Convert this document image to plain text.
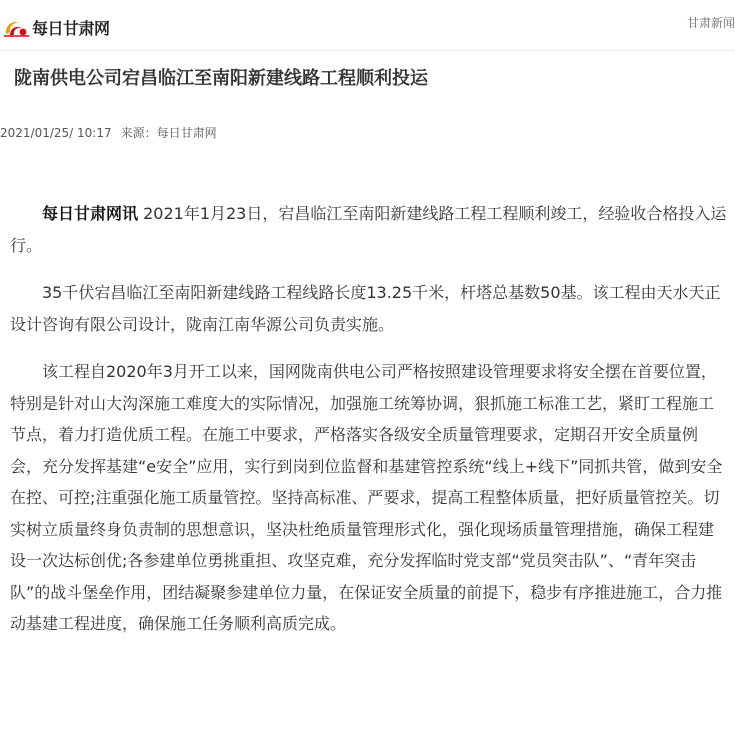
每日甘肃网	甘肃新闻
陇南供电公司宕昌临江至南阳新建线路工程顺利投运
2021/01/25/ 10:17 来源：每日甘肃网

每日甘肃网讯 2021年1月23日，宕昌临江至南阳新建线路工程工程顺利竣工，经验收合格投入运行。

35千伏宕昌临江至南阳新建线路工程线路长度13.25千米，杆塔总基数50基。该工程由天水天正设计咨询有限公司设计，陇南江南华源公司负责实施。

该工程自2020年3月开工以来，国网陇南供电公司严格按照建设管理要求将安全摆在首要位置，特别是针对山大沟深施工难度大的实际情况，加强施工统筹协调，狠抓施工标准工艺，紧盯工程施工节点，着力打造优质工程。在施工中要求，严格落实各级安全质量管理要求，定期召开安全质量例会，充分发挥基建“e安全”应用，实行到岗到位监督和基建管控系统“线上+线下”同抓共管，做到安全在控、可控;注重强化施工质量管控。坚持高标准、严要求，提高工程整体质量，把好质量管控关。切实树立质量终身负责制的思想意识，坚决杜绝质量管理形式化，强化现场质量管理措施，确保工程建设一次达标创优;各参建单位勇挑重担、攻坚克难，充分发挥临时党支部“党员突击队”、“青年突击队”的战斗堡垒作用，团结凝聚参建单位力量，在保证安全质量的前提下，稳步有序推进施工，合力推动基建工程进度，确保施工任务顺利高质完成。
